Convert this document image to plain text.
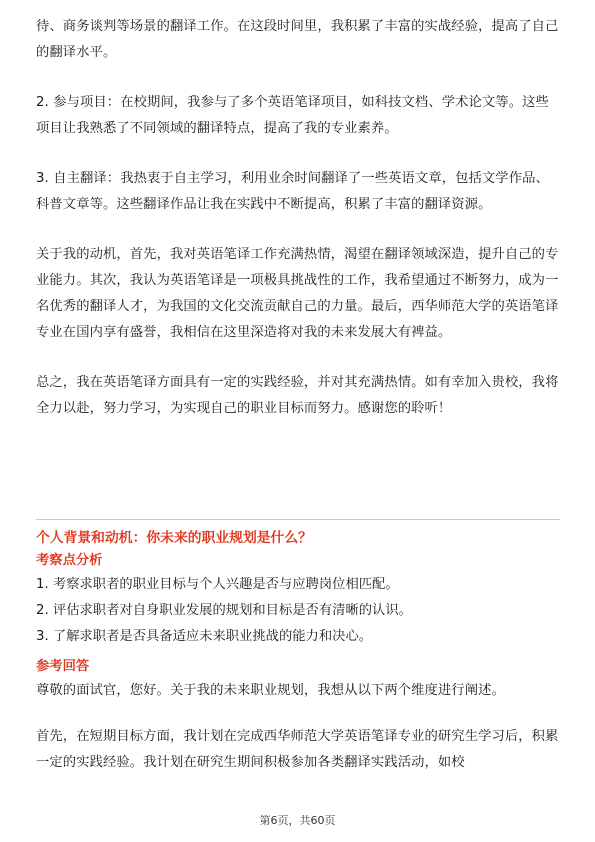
待、商务谈判等场景的翻译工作。在这段时间里，我积累了丰富的实战经验，提高了自己的翻译水平。

2. 参与项目：在校期间，我参与了多个英语笔译项目，如科技文档、学术论文等。这些项目让我熟悉了不同领域的翻译特点，提高了我的专业素养。

3. 自主翻译：我热衷于自主学习，利用业余时间翻译了一些英语文章，包括文学作品、科普文章等。这些翻译作品让我在实践中不断提高，积累了丰富的翻译资源。

关于我的动机，首先，我对英语笔译工作充满热情，渴望在翻译领域深造，提升自己的专业能力。其次，我认为英语笔译是一项极具挑战性的工作，我希望通过不断努力，成为一名优秀的翻译人才，为我国的文化交流贡献自己的力量。最后，西华师范大学的英语笔译专业在国内享有盛誉，我相信在这里深造将对我的未来发展大有裨益。

总之，我在英语笔译方面具有一定的实践经验，并对其充满热情。如有幸加入贵校，我将全力以赴，努力学习，为实现自己的职业目标而努力。感谢您的聆听！

个人背景和动机：你未来的职业规划是什么？

考察点分析

1. 考察求职者的职业目标与个人兴趣是否与应聘岗位相匹配。

2. 评估求职者对自身职业发展的规划和目标是否有清晰的认识。

3. 了解求职者是否具备适应未来职业挑战的能力和决心。

参考回答

尊敬的面试官，您好。关于我的未来职业规划，我想从以下两个维度进行阐述。

首先，在短期目标方面，我计划在完成西华师范大学英语笔译专业的研究生学习后，积累一定的实践经验。我计划在研究生期间积极参加各类翻译实践活动，如校

第6页，共60页
